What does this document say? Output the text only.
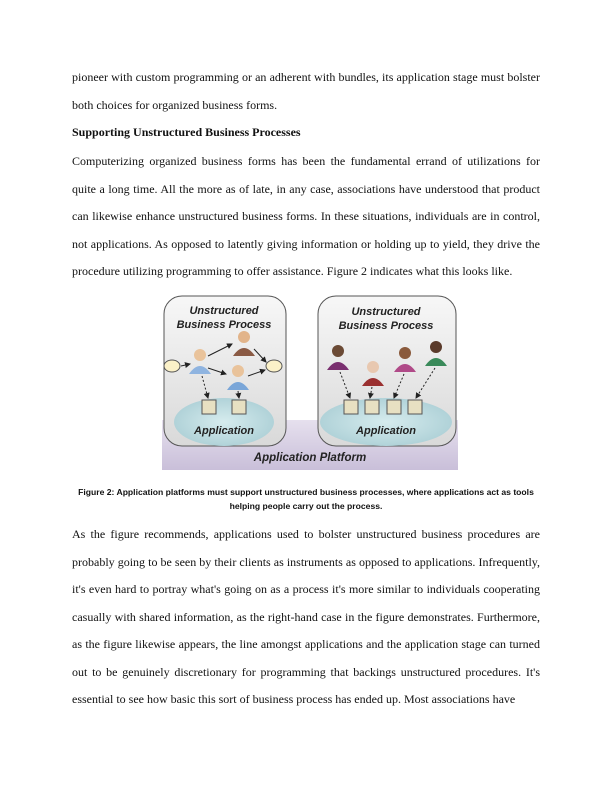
pioneer with custom programming or an adherent with bundles, its application stage must bolster both choices for organized business forms.

Supporting Unstructured Business Processes

Computerizing organized business forms has been the fundamental errand of utilizations for quite a long time. All the more as of late, in any case, associations have understood that product can likewise enhance unstructured business forms. In these situations, individuals are in control, not applications. As opposed to latently giving information or holding up to yield, they drive the procedure utilizing programming to offer assistance. Figure 2 indicates what this looks like.

Unstructured
Business Process
Unstructured
Business Process
Application	Application
Application Platform

Figure 2: Application platforms must support unstructured business processes, where applications act as tools helping people carry out the process.

As the figure recommends, applications used to bolster unstructured business procedures are probably going to be seen by their clients as instruments as opposed to applications. Infrequently, it's even hard to portray what's going on as a process it's more similar to individuals cooperating casually with shared information, as the right-hand case in the figure demonstrates. Furthermore, as the figure likewise appears, the line amongst applications and the application stage can turned out to be genuinely discretionary for programming that backings unstructured procedures. It's essential to see how basic this sort of business process has ended up. Most associations have
